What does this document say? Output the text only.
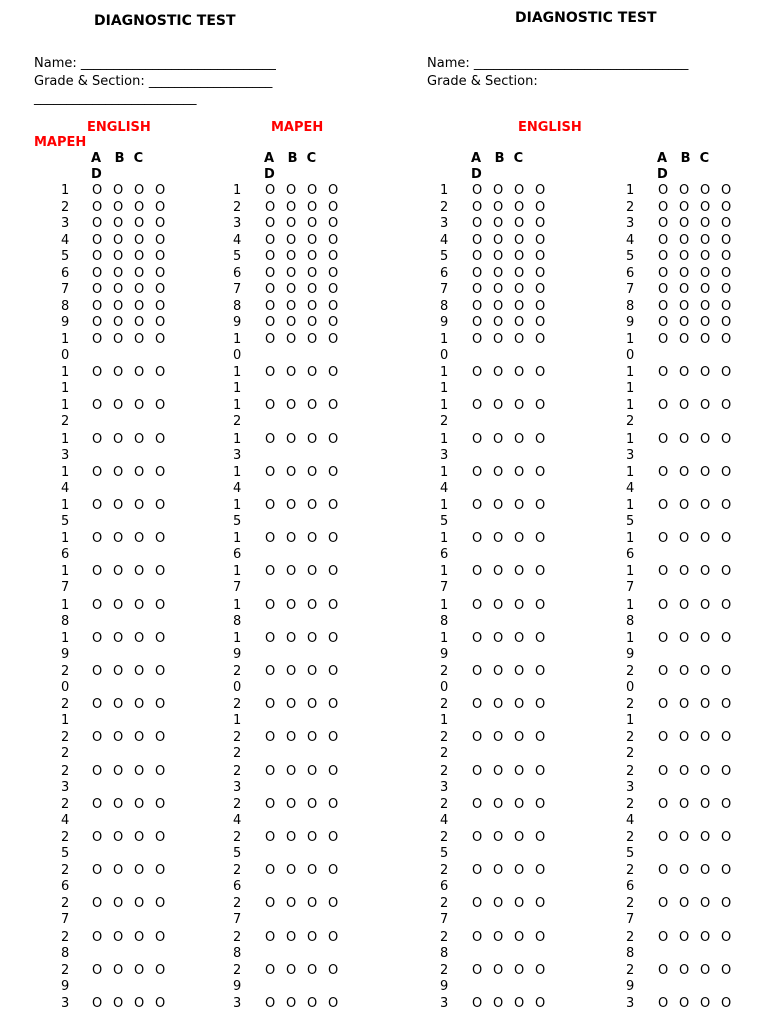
DIAGNOSTIC TEST
Name: ______________________________
Grade & Section: ___________________
_________________________
ENGLISH
MAPEH
MAPEH
DIAGNOSTIC TEST
Name: _________________________________
Grade & Section:
ENGLISH
A   B  C
D
1 O O O O
2 O O O O
3 O O O O
4 O O O O
5 O O O O
6 O O O O
7 O O O O
8 O O O O
9 O O O O
1
0
O O O O
1
1
O O O O
1
2
O O O O
1
3
O O O O
1
4
O O O O
1
5
O O O O
1
6
O O O O
1
7
O O O O
1
8
O O O O
1
9
O O O O
2
0
O O O O
2
1
O O O O
2
2
O O O O
2
3
O O O O
2
4
O O O O
2
5
O O O O
2
6
O O O O
2
7
O O O O
2
8
O O O O
2
9
O O O O
3 O O O O
A   B  C
D
1 O O O O
2 O O O O
3 O O O O
4 O O O O
5 O O O O
6 O O O O
7 O O O O
8 O O O O
9 O O O O
1
0
O O O O
1
1
O O O O
1
2
O O O O
1
3
O O O O
1
4
O O O O
1
5
O O O O
1
6
O O O O
1
7
O O O O
1
8
O O O O
1
9
O O O O
2
0
O O O O
2
1
O O O O
2
2
O O O O
2
3
O O O O
2
4
O O O O
2
5
O O O O
2
6
O O O O
2
7
O O O O
2
8
O O O O
2
9
O O O O
3 O O O O
A   B  C
D
1 O O O O
2 O O O O
3 O O O O
4 O O O O
5 O O O O
6 O O O O
7 O O O O
8 O O O O
9 O O O O
1
0
O O O O
1
1
O O O O
1
2
O O O O
1
3
O O O O
1
4
O O O O
1
5
O O O O
1
6
O O O O
1
7
O O O O
1
8
O O O O
1
9
O O O O
2
0
O O O O
2
1
O O O O
2
2
O O O O
2
3
O O O O
2
4
O O O O
2
5
O O O O
2
6
O O O O
2
7
O O O O
2
8
O O O O
2
9
O O O O
3 O O O O
A   B  C
D
1 O O O O
2 O O O O
3 O O O O
4 O O O O
5 O O O O
6 O O O O
7 O O O O
8 O O O O
9 O O O O
1
0
O O O O
1
1
O O O O
1
2
O O O O
1
3
O O O O
1
4
O O O O
1
5
O O O O
1
6
O O O O
1
7
O O O O
1
8
O O O O
1
9
O O O O
2
0
O O O O
2
1
O O O O
2
2
O O O O
2
3
O O O O
2
4
O O O O
2
5
O O O O
2
6
O O O O
2
7
O O O O
2
8
O O O O
2
9
O O O O
3 O O O O
